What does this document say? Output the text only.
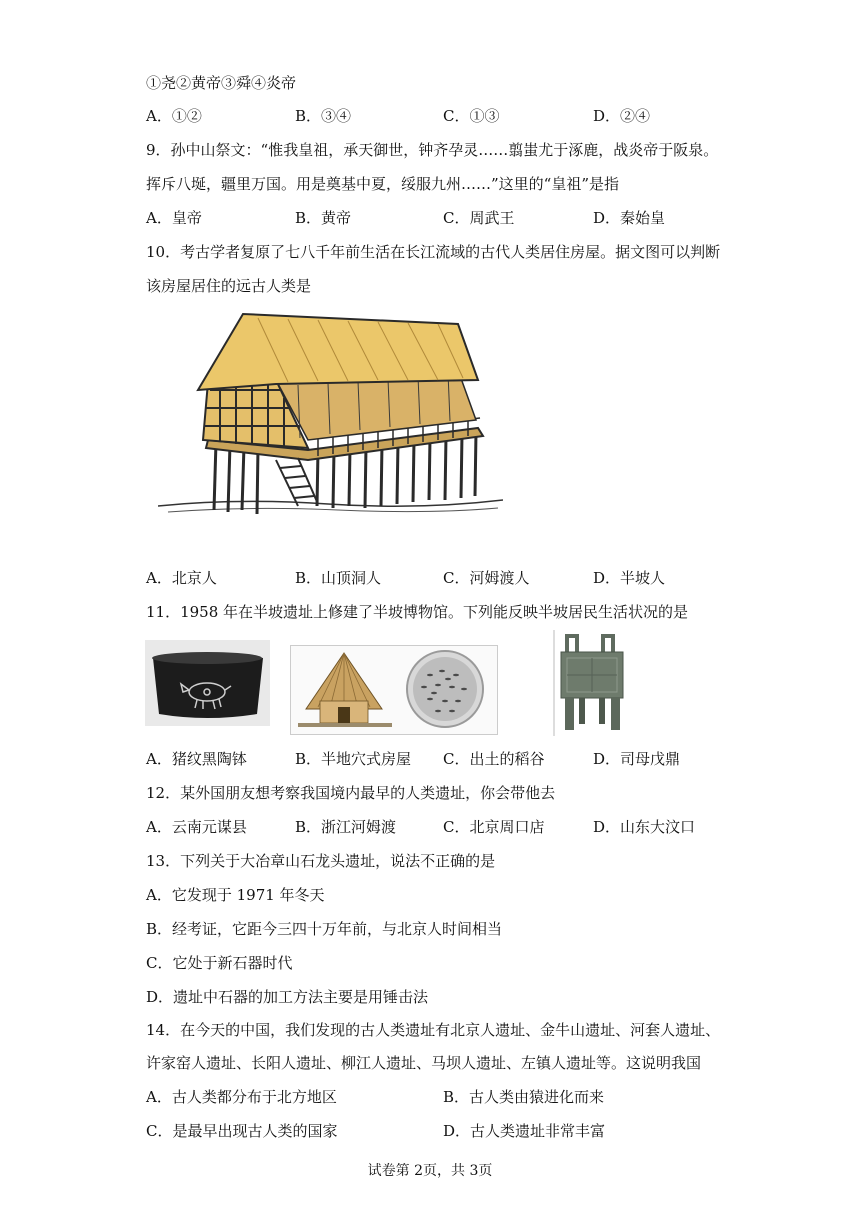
①尧②黄帝③舜④炎帝
A．①②	B．③④	C．①③	D．②④
9．孙中山祭文：“惟我皇祖，承天御世，钟齐孕灵……翦蚩尤于涿鹿，战炎帝于阪泉。
挥斥八埏，疆里万国。用是奠基中夏，绥服九州……”这里的“皇祖”是指
A．皇帝	B．黄帝	C．周武王	D．秦始皇
10．考古学者复原了七八千年前生活在长江流域的古代人类居住房屋。据文图可以判断
该房屋居住的远古人类是
A．北京人	B．山顶洞人	C．河姆渡人	D．半坡人
11．1958 年在半坡遗址上修建了半坡博物馆。下列能反映半坡居民生活状况的是
A．猪纹黑陶钵	B．半地穴式房屋 C．出土的稻谷	D．司母戊鼎
12．某外国朋友想考察我国境内最早的人类遗址，你会带他去
A．云南元谋县	B．浙江河姆渡	C．北京周口店	D．山东大汶口
13．下列关于大冶章山石龙头遗址，说法不正确的是
A．它发现于 1971 年冬天
B．经考证，它距今三四十万年前，与北京人时间相当
C．它处于新石器时代
D．遗址中石器的加工方法主要是用锤击法
14．在今天的中国，我们发现的古人类遗址有北京人遗址、金牛山遗址、河套人遗址、
许家窑人遗址、长阳人遗址、柳江人遗址、马坝人遗址、左镇人遗址等。这说明我国
A．古人类都分布于北方地区	B．古人类由猿进化而来
C．是最早出现古人类的国家	D．古人类遗址非常丰富
试卷第 2页，共 3页
